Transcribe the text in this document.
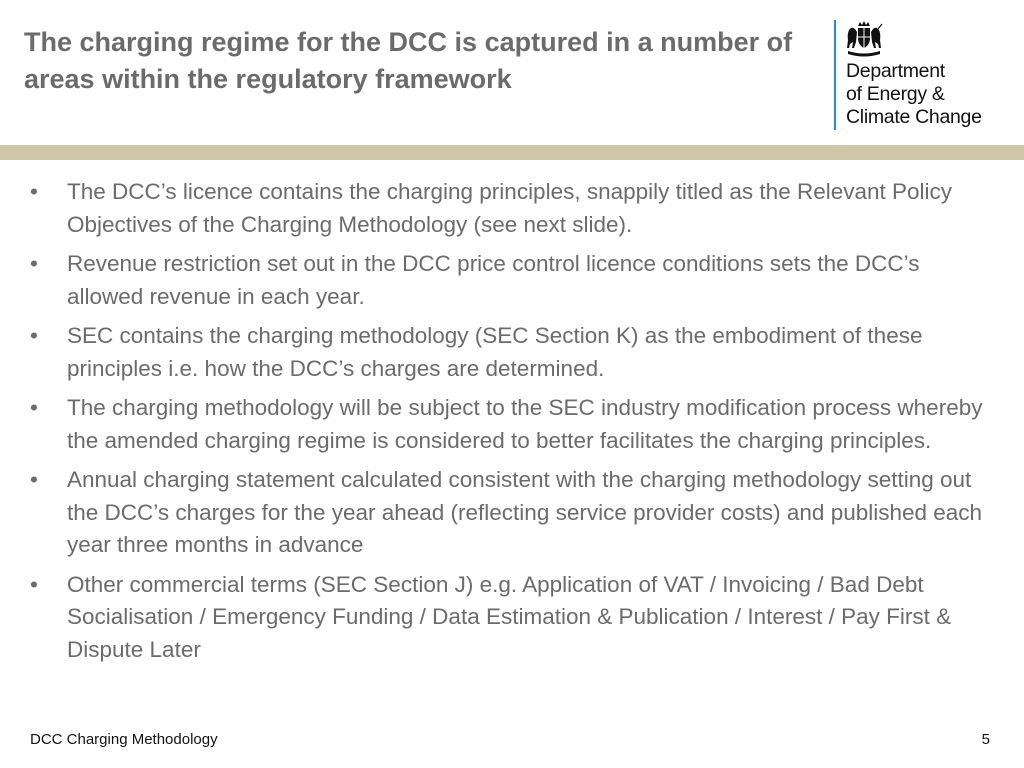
The charging regime for the DCC is captured in a number of areas within the regulatory framework	Department
of Energy &
Climate Change
• The DCC’s licence contains the charging principles, snappily titled as the Relevant Policy Objectives of the Charging Methodology (see next slide).
• Revenue restriction set out in the DCC price control licence conditions sets the DCC’s allowed revenue in each year.
• SEC contains the charging methodology (SEC Section K) as the embodiment of these principles i.e. how the DCC’s charges are determined.
• The charging methodology will be subject to the SEC industry modification process whereby the amended charging regime is considered to better facilitates the charging principles.
• Annual charging statement calculated consistent with the charging methodology setting out the DCC’s charges for the year ahead (reflecting service provider costs) and published each year three months in advance
• Other commercial terms (SEC Section J) e.g. Application of VAT / Invoicing / Bad Debt Socialisation / Emergency Funding / Data Estimation & Publication / Interest / Pay First & Dispute Later
DCC Charging Methodology	5
